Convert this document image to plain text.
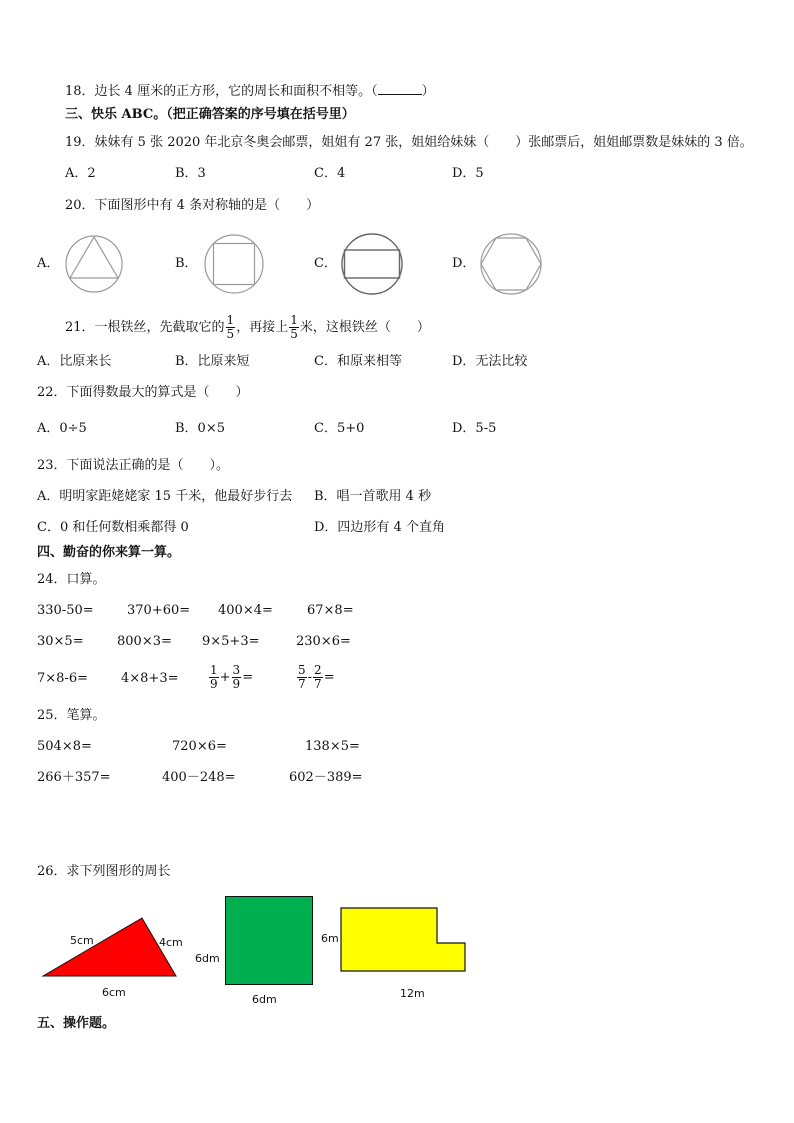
18．边长 4 厘米的正方形，它的周长和面积不相等。（	）
三、快乐 ABC。（把正确答案的序号填在括号里）
19．妹妹有 5 张 2020 年北京冬奥会邮票，姐姐有 27 张，姐姐给妹妹（ ）张邮票后，姐姐邮票数是妹妹的 3 倍。
A．2	B．3	C．4	D．5
20．下面图形中有 4 条对称轴的是（　　）
A．	B．	C．	D．
21．一根铁丝，先截取它的 $\frac{1}{5}$ ，再接上 $\frac{1}{5}$ 米，这根铁丝（　　）
A．比原来长	B．比原来短	C．和原来相等	D．无法比较
22．下面得数最大的算式是（　　）
A．0÷5	B．0×5	C．5+0	D．5-5
23．下面说法正确的是（　　）。
A．明明家距姥姥家 15 千米，他最好步行去 B．唱一首歌用 4 秒
C．0 和任何数相乘都得 0	D．四边形有 4 个直角
四、勤奋的你来算一算。
24．口算。
330-50=	370+60= 400×4=	67×8=
30×5=	800×3= 9×5+3=	230×6=
7×8-6=	4×8+3=	$\frac{1}{9} + \frac{3}{9}$ =	$\frac{5}{7} - \frac{2}{7}$ =
25．笔算。
504×8=	720×6=	138×5=
266＋357=	400－248=	602－389=
26．求下列图形的周长
5cm	4cm
6cm
6dm
6dm
6m
12m
五、操作题。
